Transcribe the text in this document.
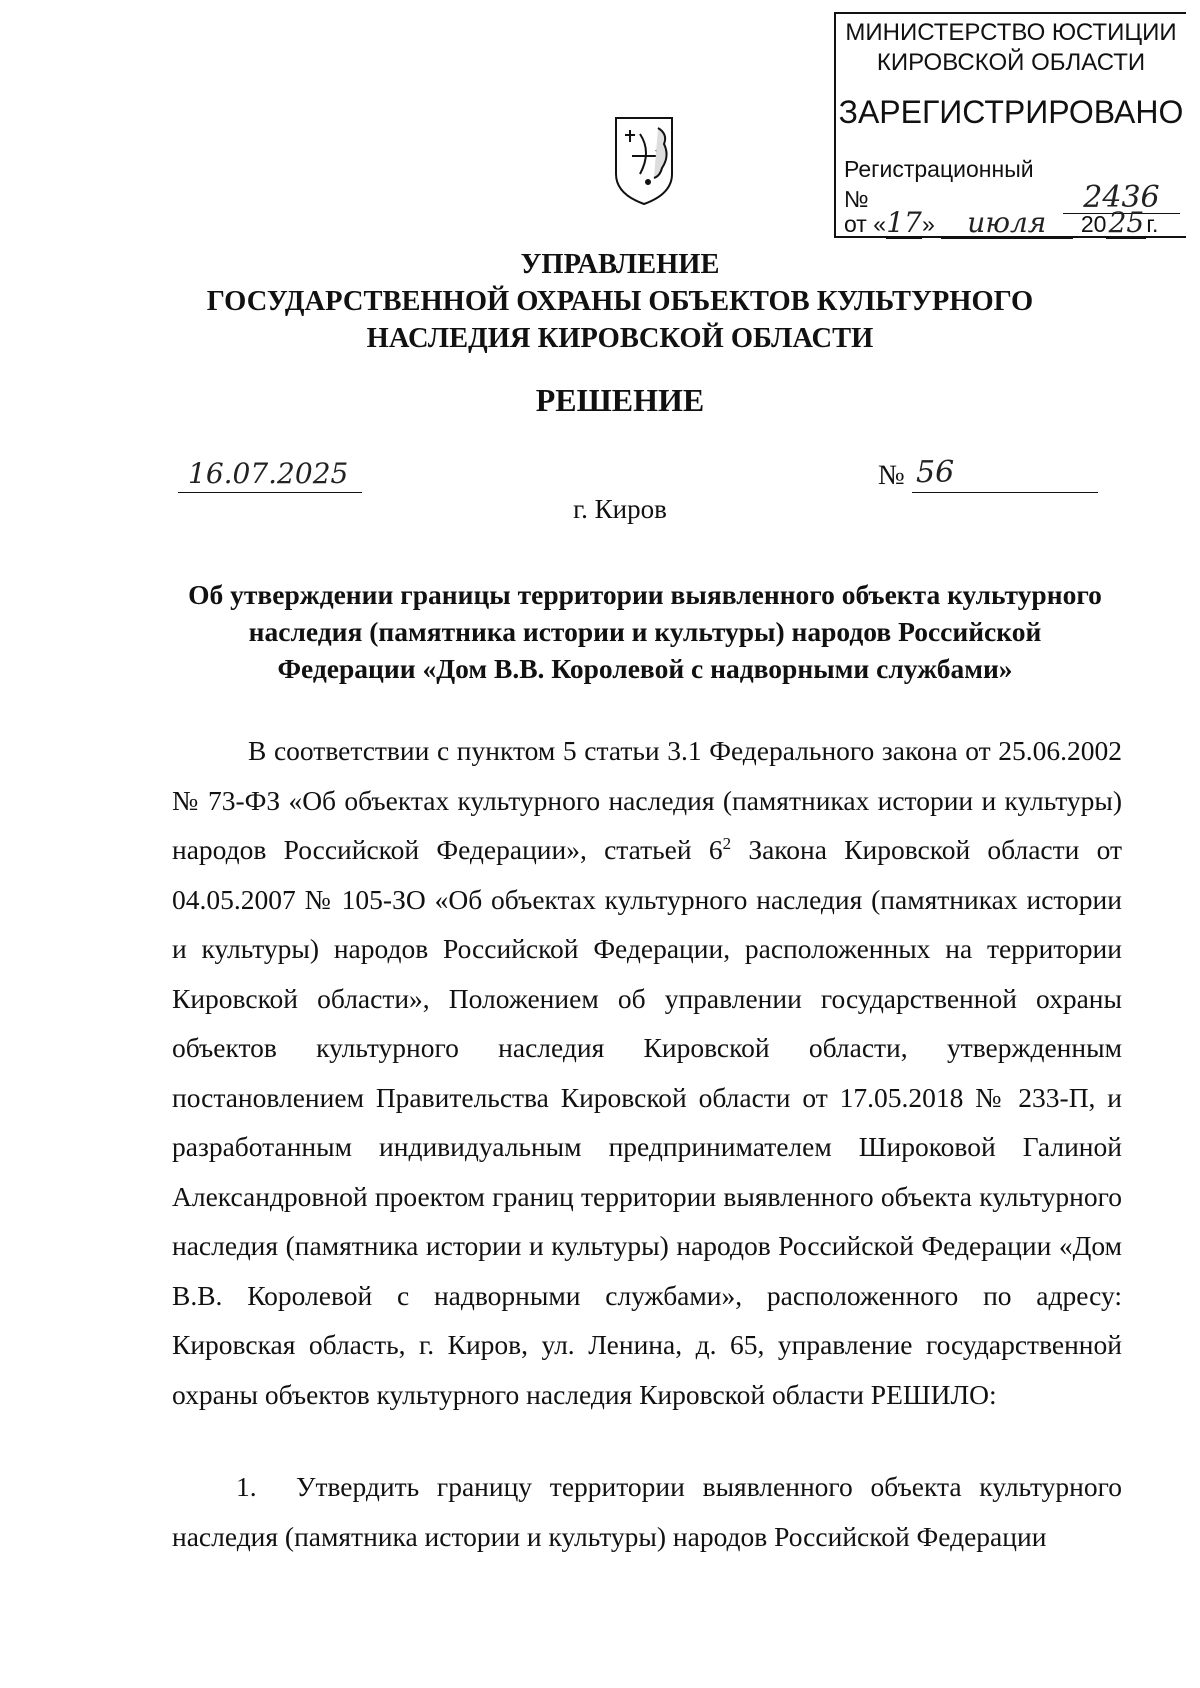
МИНИСТЕРСТВО ЮСТИЦИИ
КИРОВСКОЙ ОБЛАСТИ
ЗАРЕГИСТРИРОВАНО
Регистрационный №	2436
от « 17 »	июля	20 25 г.
УПРАВЛЕНИЕ
ГОСУДАРСТВЕННОЙ ОХРАНЫ ОБЪЕКТОВ КУЛЬТУРНОГО
НАСЛЕДИЯ КИРОВСКОЙ ОБЛАСТИ
РЕШЕНИЕ
16.07.2025	№ 56
г. Киров
Об утверждении границы территории выявленного объекта культурного
наследия (памятника истории и культуры) народов Российской
Федерации «Дом В.В. Королевой с надворными службами»
В соответствии с пунктом 5 статьи 3.1 Федерального закона от 25.06.2002 № 73-ФЗ «Об объектах культурного наследия (памятниках истории и культуры) народов Российской Федерации», статьей $6^2$ Закона Кировской области от 04.05.2007 № 105-ЗО «Об объектах культурного наследия (памятниках истории и культуры) народов Российской Федерации, расположенных на территории Кировской области», Положением об управлении государственной охраны объектов культурного наследия Кировской области, утвержденным постановлением Правительства Кировской области от 17.05.2018 № 233-П, и разработанным индивидуальным предпринимателем Широковой Галиной Александровной проектом границ территории выявленного объекта культурного наследия (памятника истории и культуры) народов Российской Федерации «Дом В.В. Королевой с надворными службами», расположенного по адресу: Кировская область, г. Киров, ул. Ленина, д. 65, управление государственной охраны объектов культурного наследия Кировской области РЕШИЛО:
1. Утвердить границу территории выявленного объекта культурного наследия (памятника истории и культуры) народов Российской Федерации
